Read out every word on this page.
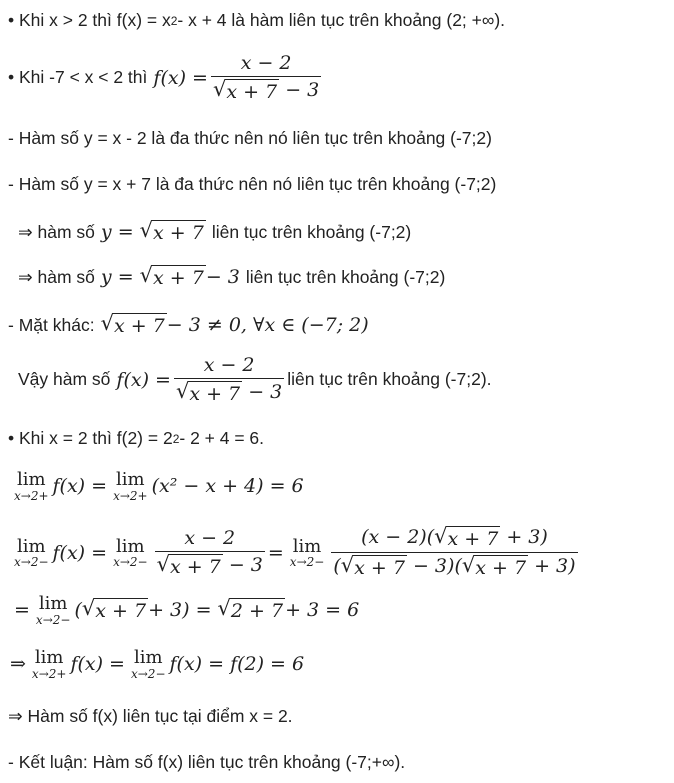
• Khi x > 2 thì f(x) = x 2 - x + 4 là hàm liên tục trên khoảng (2; +∞).
• Khi -7 < x < 2 thì $f(x) = \frac{x - 2}{√ x + 7 - 3}$
- Hàm số y = x - 2 là đa thức nên nó liên tục trên khoảng (-7;2)
- Hàm số y = x + 7 là đa thức nên nó liên tục trên khoảng (-7;2)
⇒ hàm số y = √ x + 7 liên tục trên khoảng (-7;2)
⇒ hàm số y = √ x + 7 − 3 liên tục trên khoảng (-7;2)
- Mặt khác: √ x + 7 − 3 ≠ 0, ∀x ∈ (−7; 2)
Vậy hàm số $f(x) = \frac{x - 2}{√ x + 7 - 3}$ liên tục trên khoảng (-7;2).
• Khi x = 2 thì f(2) = 2 2 - 2 + 4 = 6.
lim
x→2+ f(x) = lim
x→2+ (x² − x + 4) = 6
lim
x→2− f(x) = lim
$x\to 2- \frac{x - 2}{√ x + 7 - 3} = \lim$
$x\to 2- \frac{(x - 2)( √ x + 7 + 3)}{( √ x + 7 - 3)( √ x + 7 + 3)}$
= lim
x→2− ( √ x + 7 + 3) = √ 2 + 7 + 3 = 6
⇒ lim
x→2+ f(x) = lim
x→2− f(x) = f(2) = 6
⇒ Hàm số f(x) liên tục tại điểm x = 2.
- Kết luận: Hàm số f(x) liên tục trên khoảng (-7;+∞).
